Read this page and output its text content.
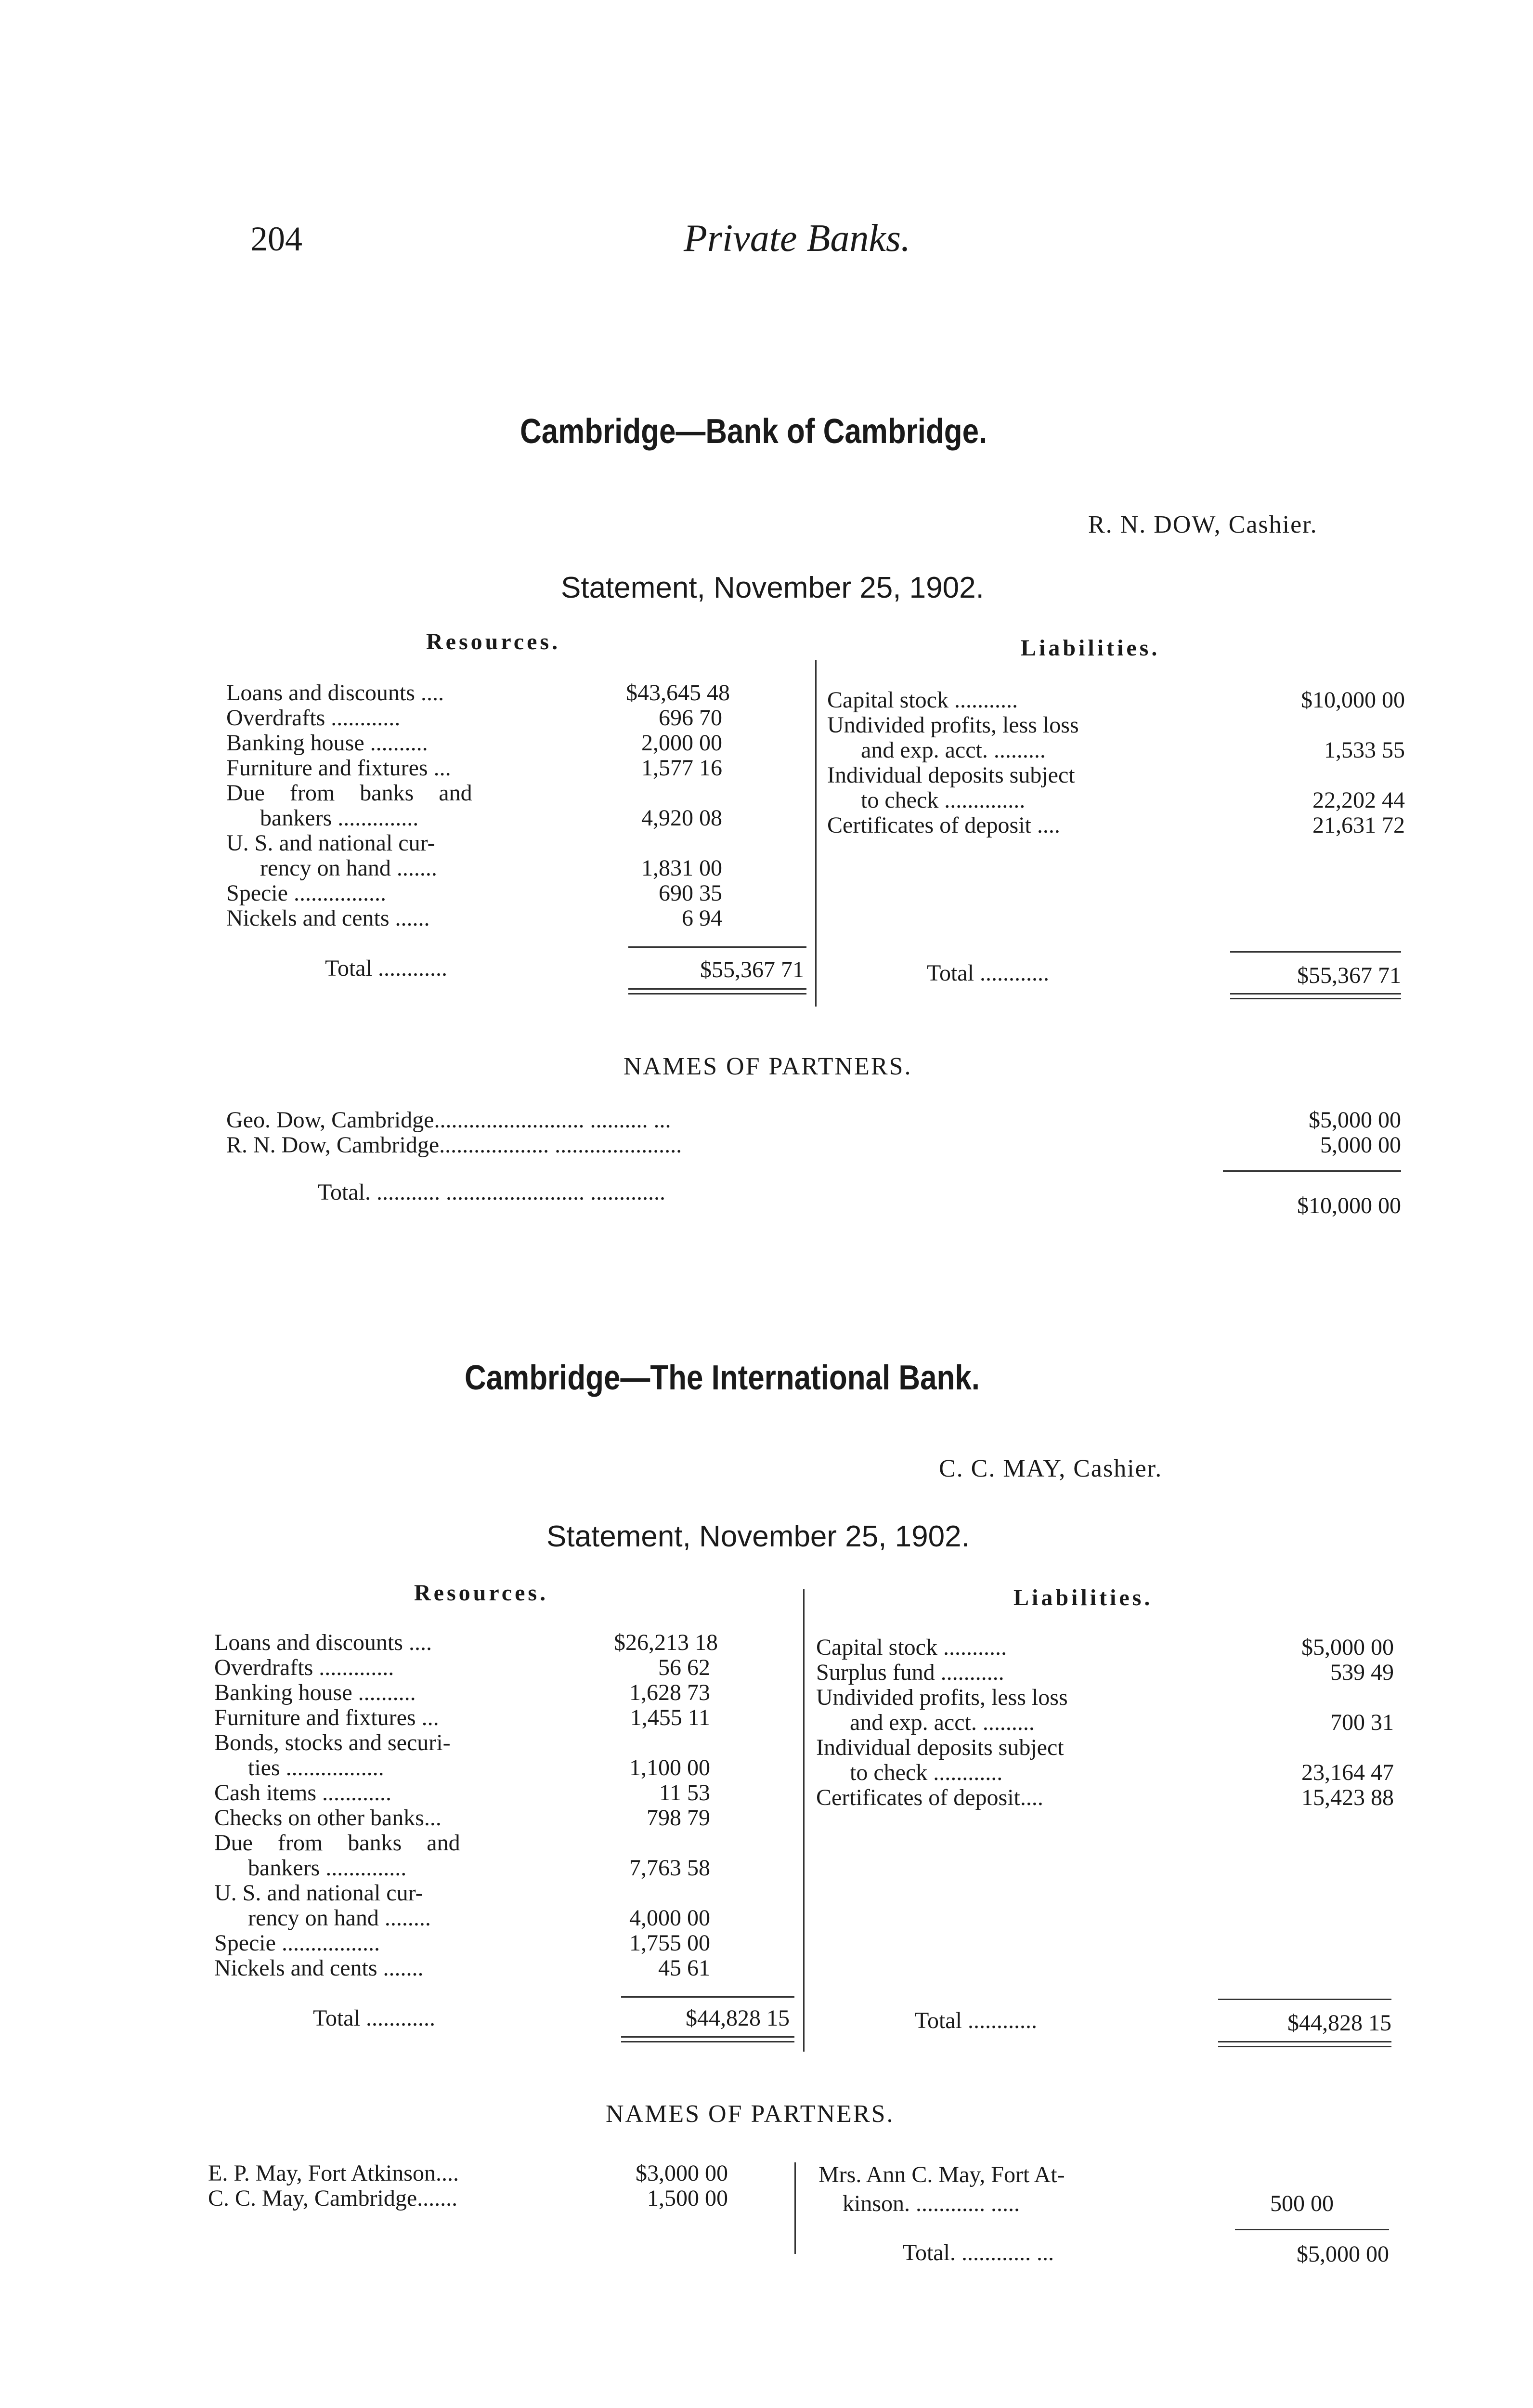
204	Private Banks.
Cambridge—Bank of Cambridge.
R. N. DOW, Cashier.
Statement, November 25, 1902.
Resources.	Liabilities.
Loans and discounts ....	$43,645 48
Overdrafts ............	696 70
Banking house ..........	2,000 00
Furniture and fixtures ...	1,577 16
Due from banks and
bankers ..............	4,920 08
U. S. and national cur-
rency on hand .......	1,831 00
Specie ................	690 35
Nickels and cents ......	6 94
Total ............	$55,367 71
Capital stock ...........	$10,000 00
Undivided profits, less loss
and exp. acct. .........	1,533 55
Individual deposits subject
to check ..............	22,202 44
Certificates of deposit ....	21,631 72
Total ............	$55,367 71
NAMES OF PARTNERS.
Geo. Dow, Cambridge.......................... .......... ...	$5,000 00
R. N. Dow, Cambridge................... ......................	5,000 00
Total. ........... ........................ .............
$10,000 00
Cambridge—The International Bank.
C. C. MAY, Cashier.
Statement, November 25, 1902.
Resources.	Liabilities.
Loans and discounts ....	$26,213 18
Overdrafts .............	56 62
Banking house ..........	1,628 73
Furniture and fixtures ...	1,455 11
Bonds, stocks and securi-
ties .................	1,100 00
Cash items ............	11 53
Checks on other banks...	798 79
Due from banks and
bankers ..............	7,763 58
U. S. and national cur-
rency on hand ........	4,000 00
Specie .................	1,755 00
Nickels and cents .......	45 61
Total ............	$44,828 15
Capital stock ...........	$5,000 00
Surplus fund ...........	539 49
Undivided profits, less loss
and exp. acct. .........	700 31
Individual deposits subject
to check ............	23,164 47
Certificates of deposit....	15,423 88
Total ............	$44,828 15
NAMES OF PARTNERS.
E. P. May, Fort Atkinson....	$3,000 00
C. C. May, Cambridge.......	1,500 00
Mrs. Ann C. May, Fort At-
kinson. ............ .....	500 00
Total. ............ ...	$5,000 00
